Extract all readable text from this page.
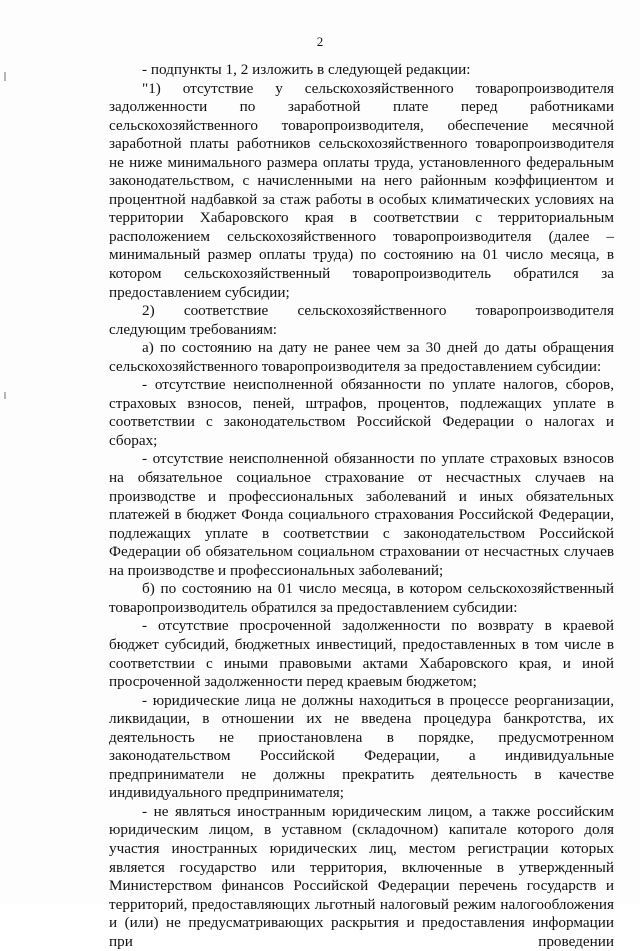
2

- подпункты 1, 2 изложить в следующей редакции:

"1) отсутствие у сельскохозяйственного товаропроизводителя задолженности по заработной плате перед работниками сельскохозяйственного товаропроизводителя, обеспечение месячной заработной платы работников сельскохозяйственного товаропроизводителя не ниже минимального размера оплаты труда, установленного федеральным законодательством, с начисленными на него районным коэффициентом и процентной надбавкой за стаж работы в особых климатических условиях на территории Хабаровского края в соответствии с территориальным расположением сельскохозяйственного товаропроизводителя (далее – минимальный размер оплаты труда) по состоянию на 01 число месяца, в котором сельскохозяйственный товаропроизводитель обратился за предоставлением субсидии;

2) соответствие сельскохозяйственного товаропроизводителя следующим требованиям:

а) по состоянию на дату не ранее чем за 30 дней до даты обращения сельскохозяйственного товаропроизводителя за предоставлением субсидии:

- отсутствие неисполненной обязанности по уплате налогов, сборов, страховых взносов, пеней, штрафов, процентов, подлежащих уплате в соответствии с законодательством Российской Федерации о налогах и сборах;

- отсутствие неисполненной обязанности по уплате страховых взносов на обязательное социальное страхование от несчастных случаев на производстве и профессиональных заболеваний и иных обязательных платежей в бюджет Фонда социального страхования Российской Федерации, подлежащих уплате в соответствии с законодательством Российской Федерации об обязательном социальном страховании от несчастных случаев на производстве и профессиональных заболеваний;

б) по состоянию на 01 число месяца, в котором сельскохозяйственный товаропроизводитель обратился за предоставлением субсидии:

- отсутствие просроченной задолженности по возврату в краевой бюджет субсидий, бюджетных инвестиций, предоставленных в том числе в соответствии с иными правовыми актами Хабаровского края, и иной просроченной задолженности перед краевым бюджетом;

- юридические лица не должны находиться в процессе реорганизации, ликвидации, в отношении их не введена процедура банкротства, их деятельность не приостановлена в порядке, предусмотренном законодательством Российской Федерации, а индивидуальные предприниматели не должны прекратить деятельность в качестве индивидуального предпринимателя;

- не являться иностранным юридическим лицом, а также российским юридическим лицом, в уставном (складочном) капитале которого доля участия иностранных юридических лиц, местом регистрации которых является государство или территория, включенные в утвержденный Министерством финансов Российской Федерации перечень государств и территорий, предоставляющих льготный налоговый режим налогообложения и (или) не предусматривающих раскрытия и предоставления информации при проведении
